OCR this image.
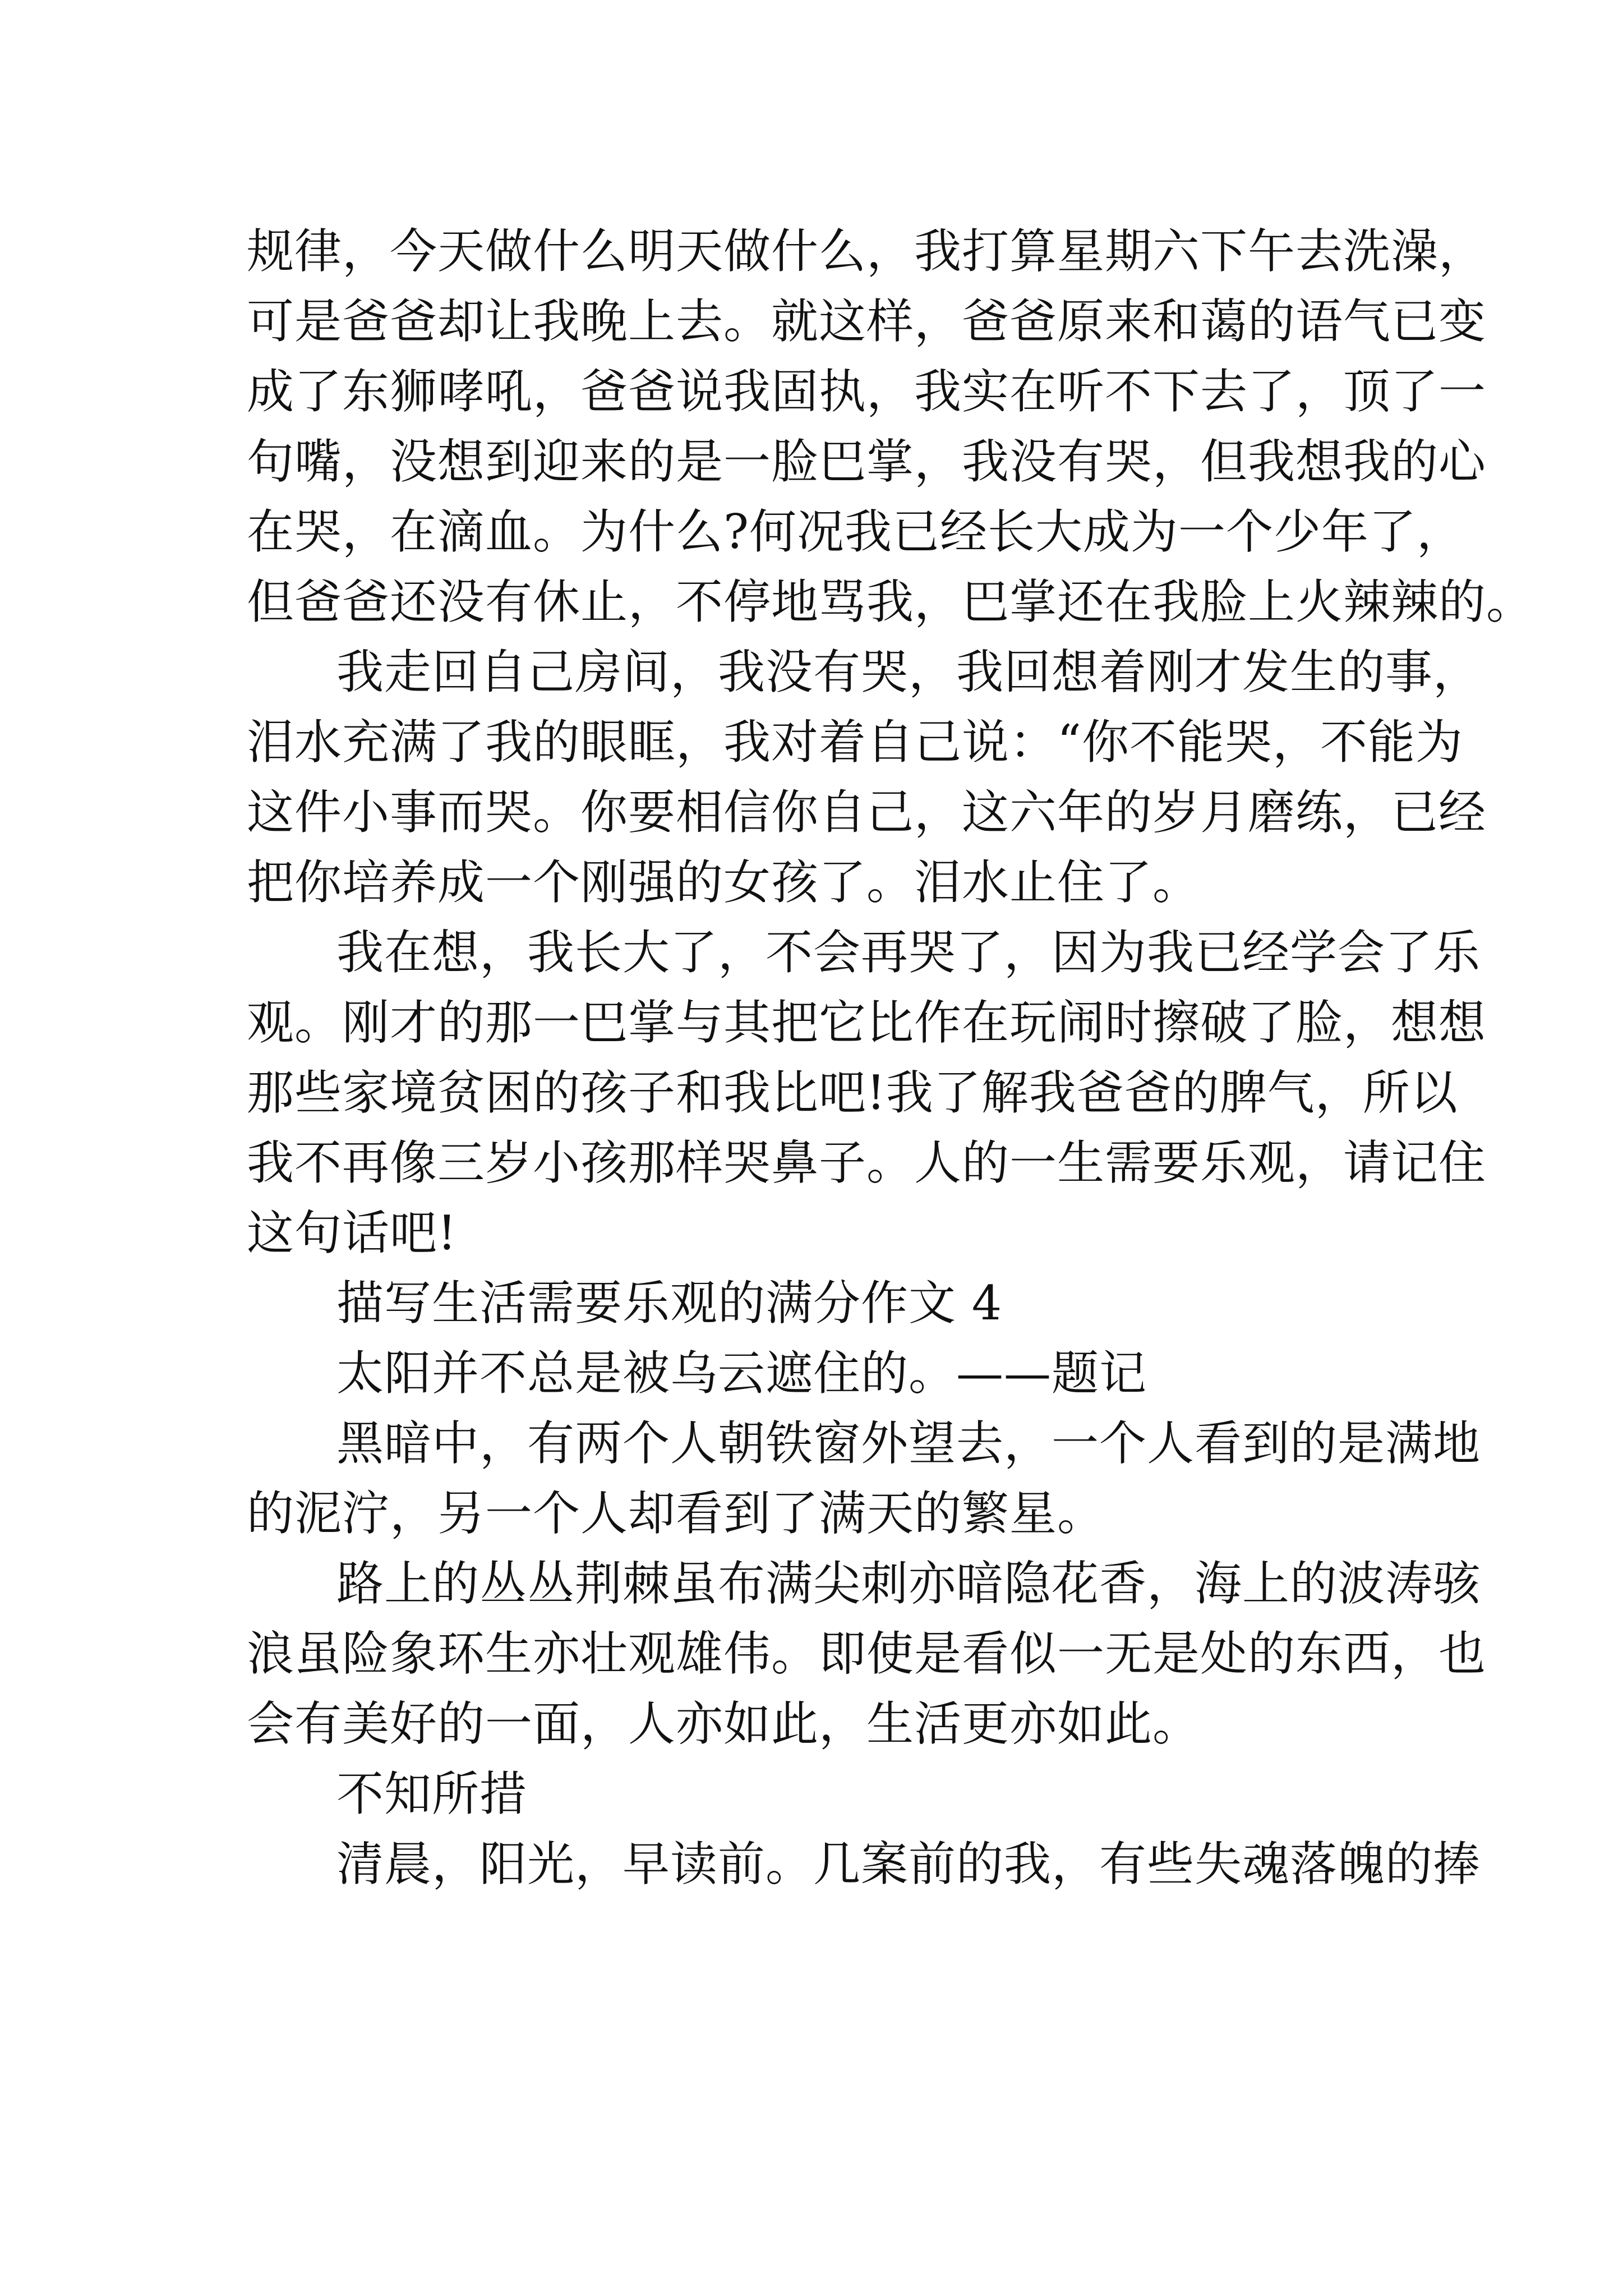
规律，今天做什么明天做什么，我打算星期六下午去洗澡，
可是爸爸却让我晚上去。就这样，爸爸原来和蔼的语气已变
成了东狮哮吼，爸爸说我固执，我实在听不下去了，顶了一
句嘴，没想到迎来的是一脸巴掌，我没有哭，但我想我的心
在哭，在滴血。为什么?何况我已经长大成为一个少年了，
但爸爸还没有休止，不停地骂我，巴掌还在我脸上火辣辣的。
我走回自己房间，我没有哭，我回想着刚才发生的事，
泪水充满了我的眼眶，我对着自己说：“你不能哭，不能为
这件小事而哭。你要相信你自己，这六年的岁月磨练，已经
把你培养成一个刚强的女孩了。泪水止住了。
我在想，我长大了，不会再哭了，因为我已经学会了乐
观。刚才的那一巴掌与其把它比作在玩闹时擦破了脸，想想
那些家境贫困的孩子和我比吧!我了解我爸爸的脾气，所以
我不再像三岁小孩那样哭鼻子。人的一生需要乐观，请记住
这句话吧!
描写生活需要乐观的满分作文 4
太阳并不总是被乌云遮住的。——题记
黑暗中，有两个人朝铁窗外望去，一个人看到的是满地
的泥泞，另一个人却看到了满天的繁星。
路上的丛丛荆棘虽布满尖刺亦暗隐花香，海上的波涛骇
浪虽险象环生亦壮观雄伟。即使是看似一无是处的东西，也
会有美好的一面，人亦如此，生活更亦如此。
不知所措
清晨，阳光，早读前。几案前的我，有些失魂落魄的捧
